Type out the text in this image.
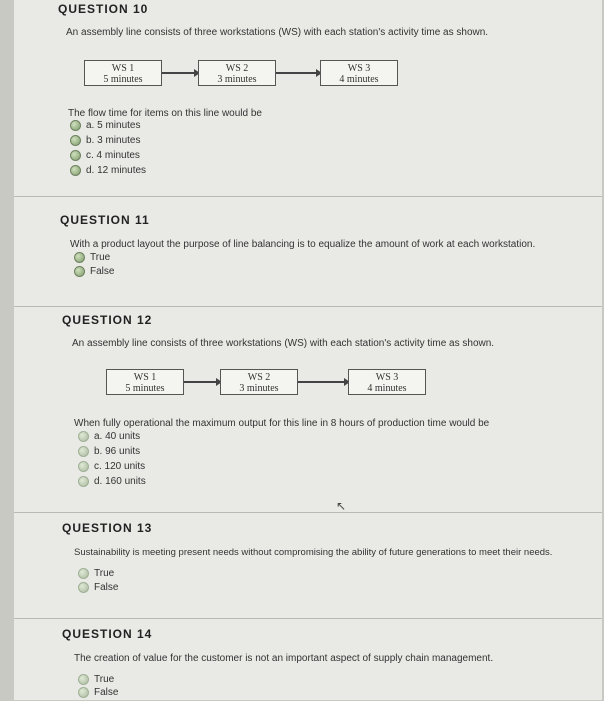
QUESTION 10
An assembly line consists of three workstations (WS) with each station's activity time as shown.
WS 1
5 minutes
WS 2
3 minutes
WS 3
4 minutes
The flow time for items on this line would be
a. 5 minutes
b. 3 minutes
c. 4 minutes
d. 12 minutes
QUESTION 11
With a product layout the purpose of line balancing is to equalize the amount of work at each workstation.
True
False
QUESTION 12
An assembly line consists of three workstations (WS) with each station's activity time as shown.
WS 1
5 minutes
WS 2
3 minutes
WS 3
4 minutes
When fully operational the maximum output for this line in 8 hours of production time would be
a. 40 units
b. 96 units
c. 120 units
d. 160 units
↖
QUESTION 13
Sustainability is meeting present needs without compromising the ability of future generations to meet their needs.
True
False
QUESTION 14
The creation of value for the customer is not an important aspect of supply chain management.
True
False
